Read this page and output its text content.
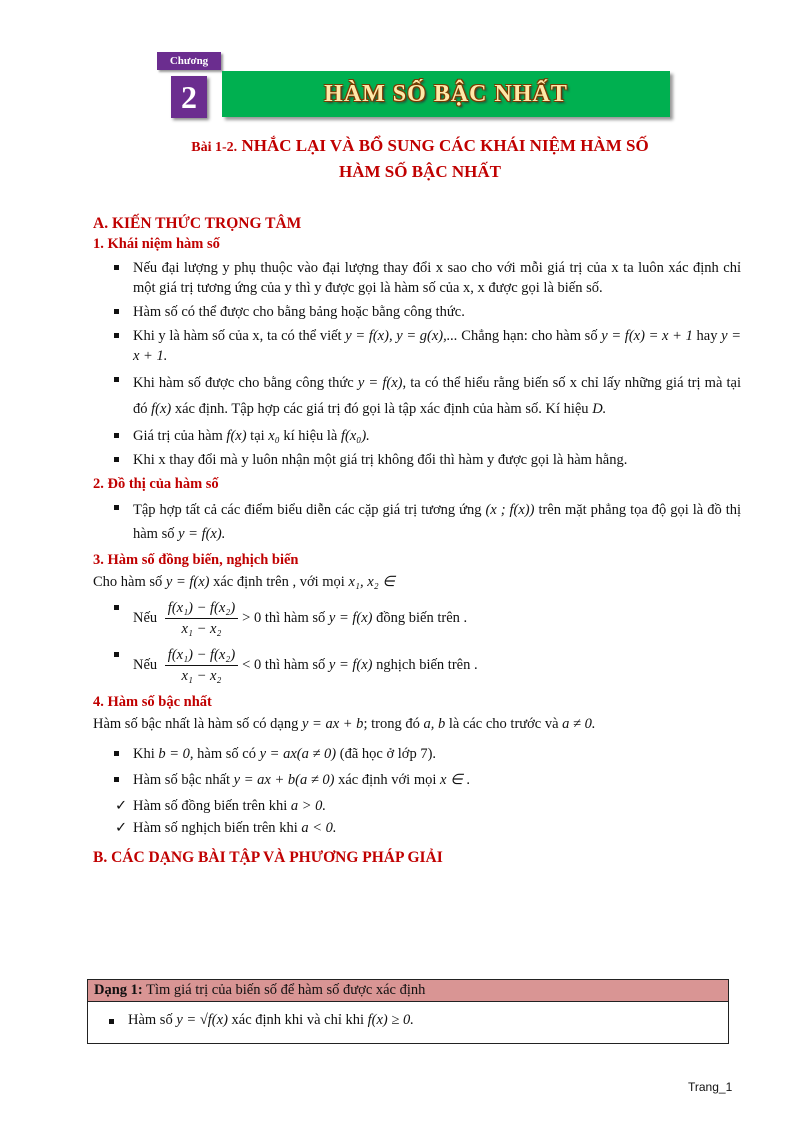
Chương
2	HÀM SỐ BẬC NHẤT
Bài 1-2. NHẮC LẠI VÀ BỔ SUNG CÁC KHÁI NIỆM HÀM SỐ
HÀM SỐ BẬC NHẤT

A. KIẾN THỨC TRỌNG TÂM

1. Khái niệm hàm số

Nếu đại lượng y phụ thuộc vào đại lượng thay đổi x sao cho với mỗi giá trị của x ta luôn xác định chỉ một giá trị tương ứng của y thì y được gọi là hàm số của x, x được gọi là biến số.
Hàm số có thể được cho bằng bảng hoặc bằng công thức.
Khi y là hàm số của x, ta có thể viết y = f(x), y = g(x),... Chẳng hạn: cho hàm số y = f(x) = x + 1 hay y = x + 1.
Khi hàm số được cho bằng công thức y = f(x), ta có thể hiểu rằng biến số x chỉ lấy những giá trị mà tại đó f(x) xác định. Tập hợp các giá trị đó gọi là tập xác định của hàm số. Kí hiệu D.
Giá trị của hàm f(x) tại x₀ kí hiệu là f(x₀).
Khi x thay đổi mà y luôn nhận một giá trị không đổi thì hàm y được gọi là hàm hằng.

2. Đồ thị của hàm số

Tập hợp tất cả các điểm biểu diễn các cặp giá trị tương ứng (x ; f(x)) trên mặt phẳng tọa độ gọi là đồ thị hàm số y = f(x).

3. Hàm số đồng biến, nghịch biến

Cho hàm số y = f(x) xác định trên , với mọi x₁, x₂ ∈

Nếu $\frac{\text{f(x₁) − f(x₂)}}{\text{x₁ − x₂}} > 0$ thì hàm số y = f(x) đồng biến trên .
Nếu $\frac{\text{f(x₁) − f(x₂)}}{\text{x₁ − x₂}} < 0$ thì hàm số y = f(x) nghịch biến trên .

4. Hàm số bậc nhất

Hàm số bậc nhất là hàm số có dạng y = ax + b; trong đó a, b là các cho trước và a ≠ 0.

Khi b = 0, hàm số có y = ax(a ≠ 0) (đã học ở lớp 7).
Hàm số bậc nhất y = ax + b(a ≠ 0) xác định với mọi x ∈ .
✓ Hàm số đồng biến trên khi a > 0.
✓ Hàm số nghịch biến trên khi a < 0.

B. CÁC DẠNG BÀI TẬP VÀ PHƯƠNG PHÁP GIẢI

Dạng 1: Tìm giá trị của biến số để hàm số được xác định
Hàm số y = √f(x) xác định khi và chỉ khi f(x) ≥ 0.
Trang_1
